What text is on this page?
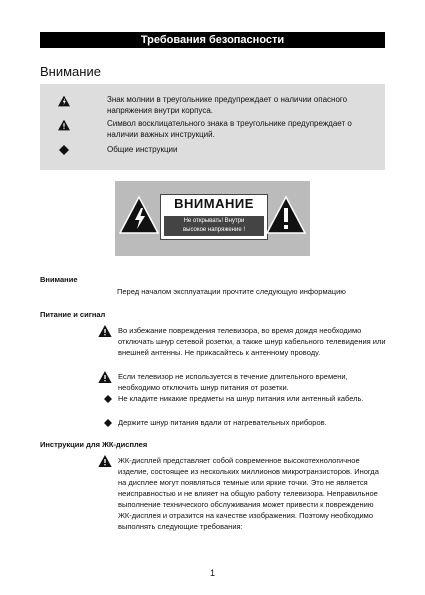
Требования безопасности
Внимание
Знак молнии в треугольнике предупреждает о наличии опасного напряжения внутри корпуса.
Символ восклицательного знака в треугольнике предупреждает о наличии важных инструкций.
Общие инструкции
ВНИМАНИЕ
Не открывать! Внутри
высокое напряжение !
Внимание
Перед началом эксплуатации прочтите следующую информацию
Питание и сигнал
Во избежание повреждения телевизора, во время дождя необходимо отключать шнур сетевой розетки, а также шнур кабельного телевидения или внешней антенны. Не прикасайтесь к антенному проводу.
Если телевизор не используется в течение длительного времени, необходимо отключить шнур питания от розетки.
Не кладите никакие предметы на шнур питания или антенный кабель.
Держите шнур питания вдали от нагревательных приборов.
Инструкции для ЖК-дисплея
ЖК-дисплей представляет собой современное высокотехнологичное изделие, состоящее из нескольких миллионов микротранзисторов. Иногда на дисплее могут появляться темные или яркие точки. Это не является неисправностью и не влияет на общую работу телевизора. Неправильное выполнение технического обслуживания может привести к повреждению ЖК-дисплея и отразится на качестве изображения. Поэтому необходимо выполнять следующие требования:
1
